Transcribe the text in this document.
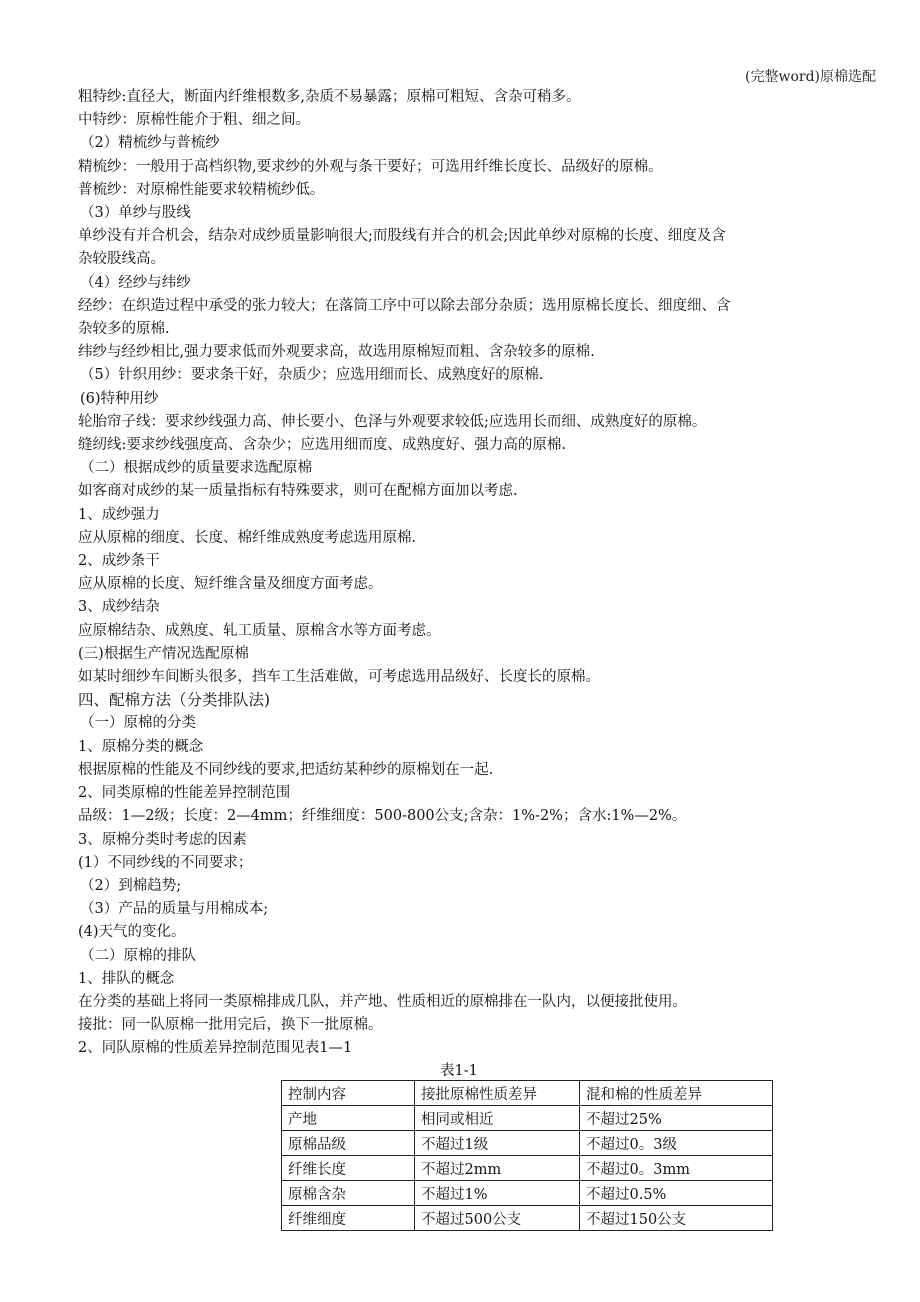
(完整word)原棉选配

粗特纱:直径大，断面内纤维根数多,杂质不易暴露；原棉可粗短、含杂可稍多。

中特纱：原棉性能介于粗、细之间。

（2）精梳纱与普梳纱

精梳纱：一般用于高档织物,要求纱的外观与条干要好；可选用纤维长度长、品级好的原棉。

普梳纱：对原棉性能要求较精梳纱低。

（3）单纱与股线

单纱没有并合机会，结杂对成纱质量影响很大;而股线有并合的机会;因此单纱对原棉的长度、细度及含

杂较股线高。

（4）经纱与纬纱

经纱：在织造过程中承受的张力较大；在落筒工序中可以除去部分杂质；选用原棉长度长、细度细、含

杂较多的原棉.

纬纱与经纱相比,强力要求低而外观要求高，故选用原棉短而粗、含杂较多的原棉.

（5）针织用纱：要求条干好，杂质少；应选用细而长、成熟度好的原棉.

(6)特种用纱

轮胎帘子线：要求纱线强力高、伸长要小、色泽与外观要求较低;应选用长而细、成熟度好的原棉。

缝纫线:要求纱线强度高、含杂少；应选用细而度、成熟度好、强力高的原棉.

（二）根据成纱的质量要求选配原棉

如客商对成纱的某一质量指标有特殊要求，则可在配棉方面加以考虑.

1、成纱强力

应从原棉的细度、长度、棉纤维成熟度考虑选用原棉.

2、成纱条干

应从原棉的长度、短纤维含量及细度方面考虑。

3、成纱结杂

应原棉结杂、成熟度、轧工质量、原棉含水等方面考虑。

(三)根据生产情况选配原棉

如某时细纱车间断头很多，挡车工生活难做，可考虑选用品级好、长度长的原棉。

四、配棉方法（分类排队法)

（一）原棉的分类

1、原棉分类的概念

根据原棉的性能及不同纱线的要求,把适纺某种纱的原棉划在一起.

2、同类原棉的性能差异控制范围

品级：1—2级；长度：2—4mm；纤维细度：500-800公支;含杂：1%-2%；含水:1%—2%。

3、原棉分类时考虑的因素

(1）不同纱线的不同要求；

（2）到棉趋势;

（3）产品的质量与用棉成本;

(4)天气的变化。

（二）原棉的排队

1、排队的概念

在分类的基础上将同一类原棉排成几队，并产地、性质相近的原棉排在一队内，以便接批使用。

接批：同一队原棉一批用完后，换下一批原棉。

2、同队原棉的性质差异控制范围见表1—1

表1-1
控制内容	接批原棉性质差异	混和棉的性质差异
产地	相同或相近	不超过25%
原棉品级	不超过1级	不超过0。3级
纤维长度	不超过2mm	不超过0。3mm
原棉含杂	不超过1%	不超过0.5%
纤维细度	不超过500公支	不超过150公支
